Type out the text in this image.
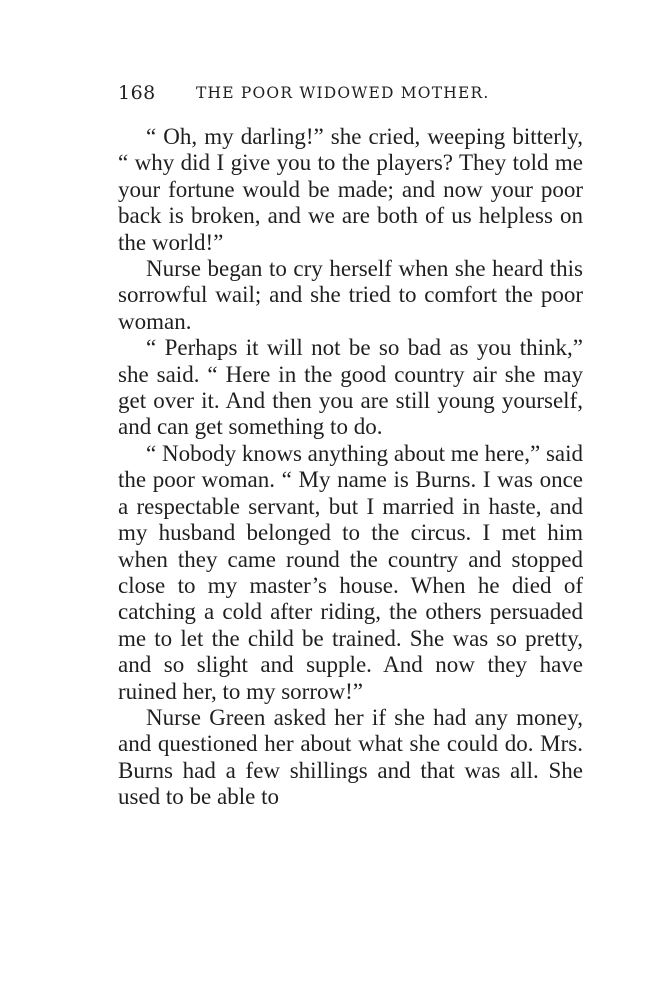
168	THE POOR WIDOWED MOTHER.

“ Oh, my darling!” she cried, weeping bitterly, “ why did I give you to the players? They told me your fortune would be made; and now your poor back is broken, and we are both of us helpless on the world!”

Nurse began to cry herself when she heard this sorrowful wail; and she tried to comfort the poor woman.

“ Perhaps it will not be so bad as you think,” she said. “ Here in the good country air she may get over it. And then you are still young yourself, and can get something to do.

“ Nobody knows anything about me here,” said the poor woman. “ My name is Burns. I was once a respectable servant, but I married in haste, and my husband belonged to the circus. I met him when they came round the country and stopped close to my master’s house. When he died of catching a cold after riding, the others persuaded me to let the child be trained. She was so pretty, and so slight and supple. And now they have ruined her, to my sorrow!”

Nurse Green asked her if she had any money, and questioned her about what she could do. Mrs. Burns had a few shillings and that was all. She used to be able to
